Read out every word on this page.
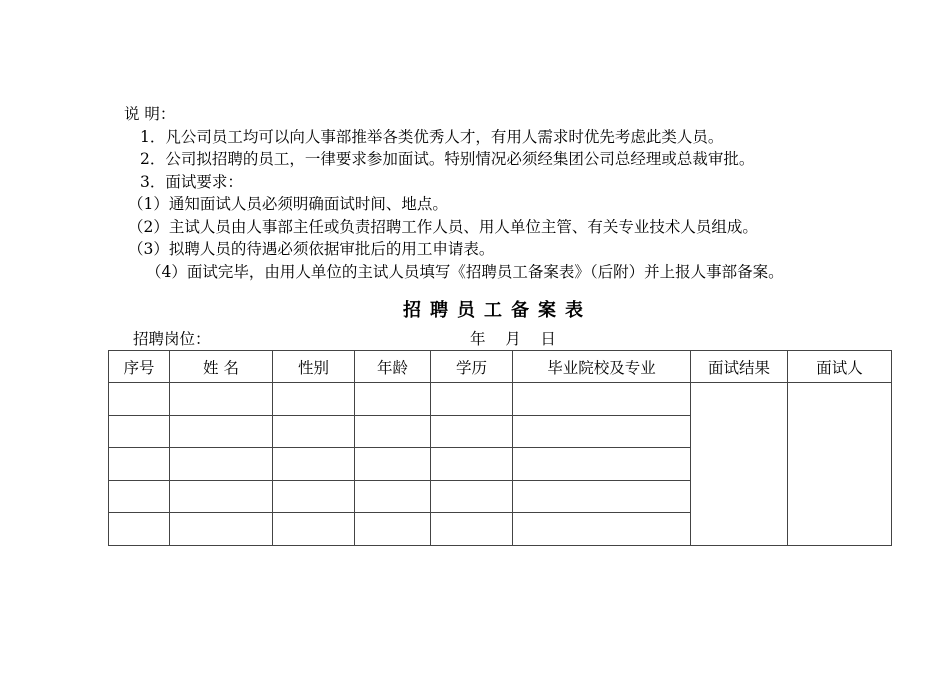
说 明：
1．凡公司员工均可以向人事部推举各类优秀人才，有用人需求时优先考虑此类人员。
2．公司拟招聘的员工，一律要求参加面试。特别情况必须经集团公司总经理或总裁审批。
3．面试要求：
（1）通知面试人员必须明确面试时间、地点。
（2）主试人员由人事部主任或负责招聘工作人员、用人单位主管、有关专业技术人员组成。
（3）拟聘人员的待遇必须依据审批后的用工申请表。
（4）面试完毕，由用人单位的主试人员填写《招聘员工备案表》（后附）并上报人事部备案。
招聘员工备案表
招聘岗位：	年    月    日
序号	姓 名	性别	年龄	学历	毕业院校及专业	面试结果	面试人
